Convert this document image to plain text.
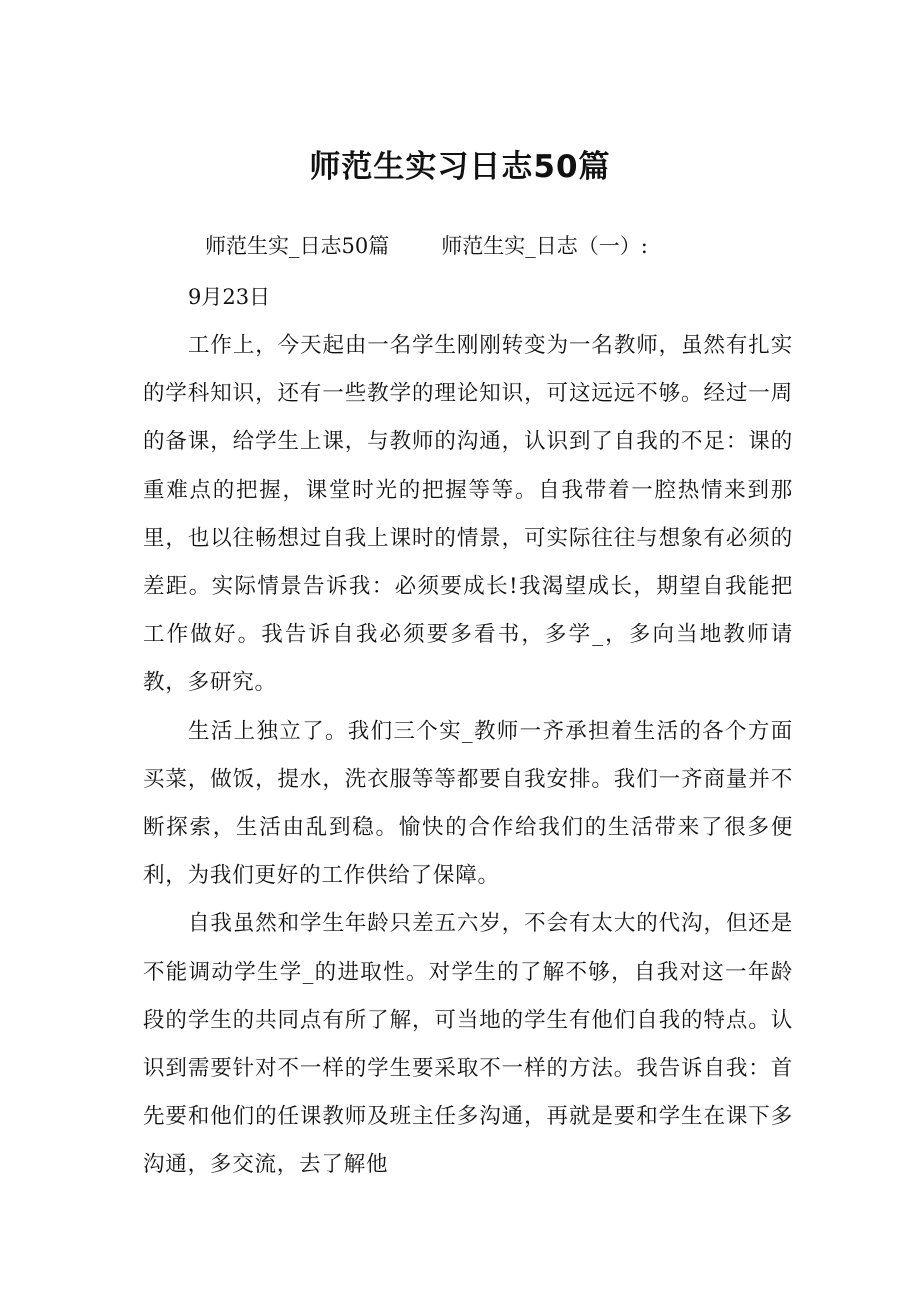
师范生实习日志50篇
师范生实_日志50篇 师范生实_日志（一）:
9月23日

工作上，今天起由一名学生刚刚转变为一名教师，虽然有扎实的学科知识，还有一些教学的理论知识，可这远远不够。经过一周的备课，给学生上课，与教师的沟通，认识到了自我的不足：课的重难点的把握，课堂时光的把握等等。自我带着一腔热情来到那里，也以往畅想过自我上课时的情景，可实际往往与想象有必须的差距。实际情景告诉我：必须要成长!我渴望成长，期望自我能把工作做好。我告诉自我必须要多看书，多学_，多向当地教师请教，多研究。

生活上独立了。我们三个实_教师一齐承担着生活的各个方面买菜，做饭，提水，洗衣服等等都要自我安排。我们一齐商量并不断探索，生活由乱到稳。愉快的合作给我们的生活带来了很多便利，为我们更好的工作供给了保障。

自我虽然和学生年龄只差五六岁，不会有太大的代沟，但还是不能调动学生学_的进取性。对学生的了解不够，自我对这一年龄段的学生的共同点有所了解，可当地的学生有他们自我的特点。认识到需要针对不一样的学生要采取不一样的方法。我告诉自我：首先要和他们的任课教师及班主任多沟通，再就是要和学生在课下多沟通，多交流，去了解他
